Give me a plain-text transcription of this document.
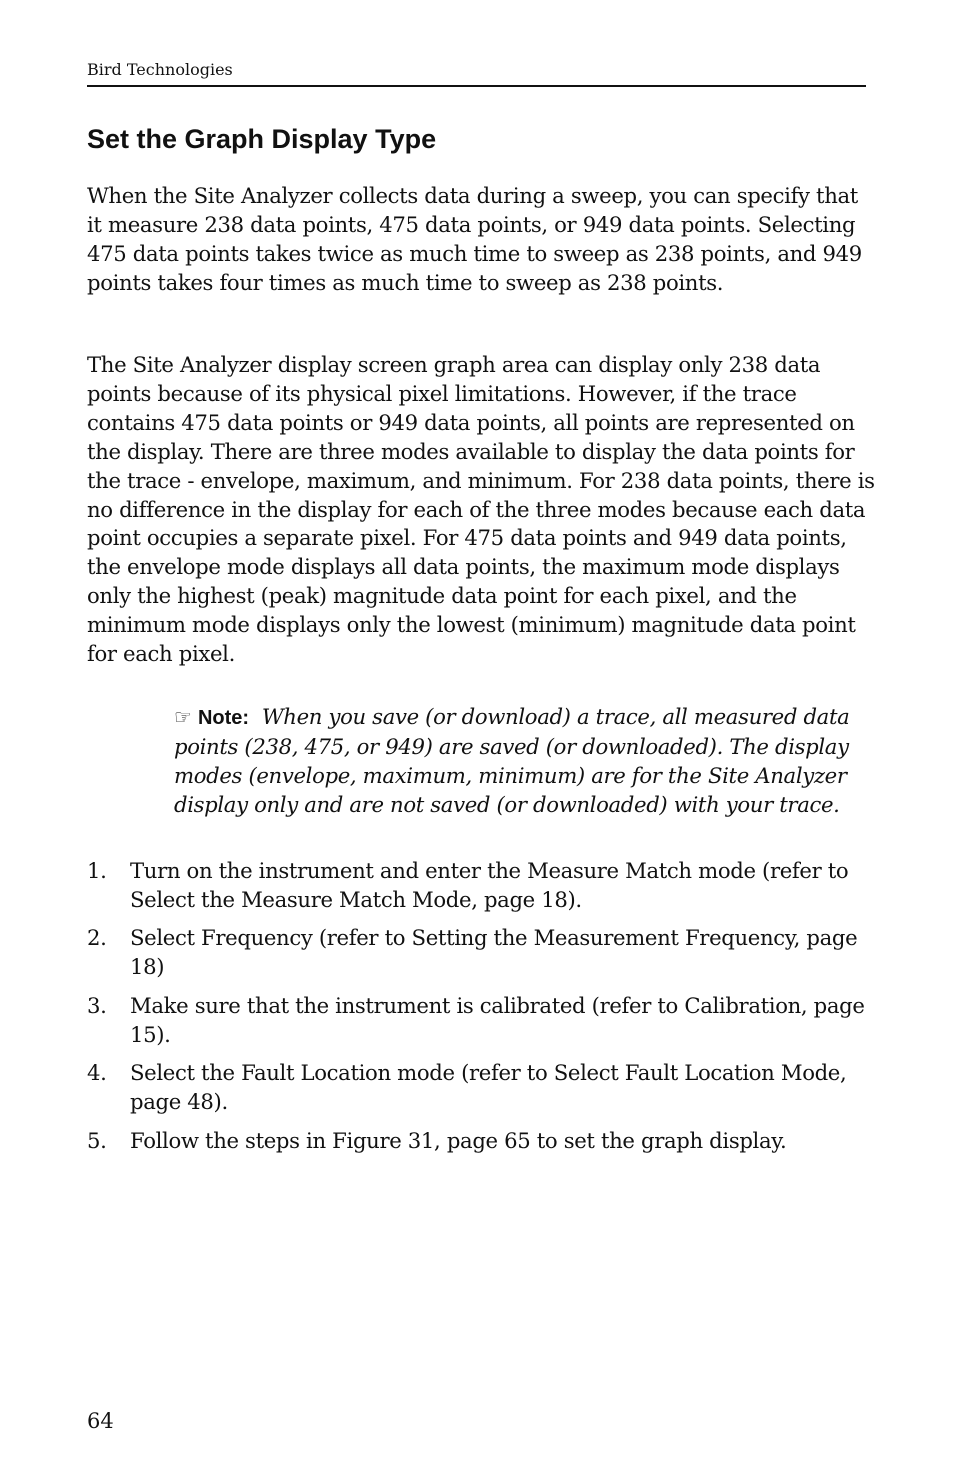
Bird Technologies
Set the Graph Display Type

When the Site Analyzer collects data during a sweep, you can specify that it measure 238 data points, 475 data points, or 949 data points. Selecting 475 data points takes twice as much time to sweep as 238 points, and 949 points takes four times as much time to sweep as 238 points.

The Site Analyzer display screen graph area can display only 238 data points because of its physical pixel limitations. However, if the trace contains 475 data points or 949 data points, all points are represented on the display. There are three modes available to display the data points for the trace - envelope, maximum, and minimum. For 238 data points, there is no difference in the display for each of the three modes because each data point occupies a separate pixel. For 475 data points and 949 data points, the envelope mode displays all data points, the maximum mode displays only the highest (peak) magnitude data point for each pixel, and the minimum mode displays only the lowest (minimum) magnitude data point for each pixel.

☞ Note: When you save (or download) a trace, all measured data points (238, 475, or 949) are saved (or downloaded). The display modes (envelope, maximum, minimum) are for the Site Analyzer display only and are not saved (or downloaded) with your trace.

1. Turn on the instrument and enter the Measure Match mode (refer to Select the Measure Match Mode, page 18).
2. Select Frequency (refer to Setting the Measurement Frequency, page 18)
3. Make sure that the instrument is calibrated (refer to Calibration, page 15).
4. Select the Fault Location mode (refer to Select Fault Location Mode, page 48).
5. Follow the steps in Figure 31, page 65 to set the graph display.
64
